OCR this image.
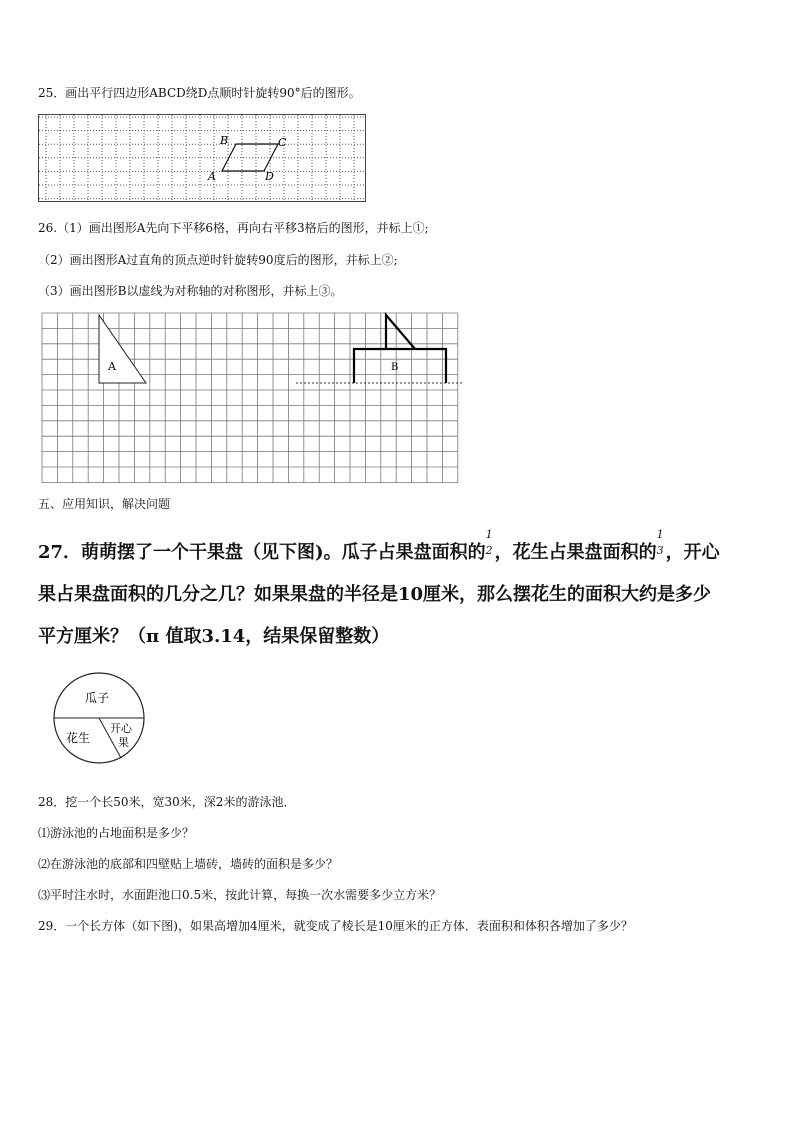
25．画出平行四边形ABCD绕D点顺时针旋转90°后的图形。
B	C
A	D
26.（1）画出图形A先向下平移6格，再向右平移3格后的图形，并标上①;
（2）画出图形A过直角的顶点逆时针旋转90度后的图形，并标上②;
（3）画出图形B以虚线为对称轴的对称图形，并标上③。
A	B
五、应用知识，解决问题
27．萌萌摆了一个干果盘（见下图)。瓜子占果盘面积的
1
2 ，花生占果盘面积的
1
3 ，开心
果占果盘面积的几分之几？如果果盘的半径是10厘米，那么摆花生的面积大约是多少
平方厘米？（π 值取3.14，结果保留整数）
瓜子
花生
开心
果
28．挖一个长50米，宽30米，深2米的游泳池．
⑴游泳池的占地面积是多少？
⑵在游泳池的底部和四壁贴上墙砖，墙砖的面积是多少？
⑶平时注水时，水面距池口0.5米，按此计算，每换一次水需要多少立方米？
29．一个长方体（如下图)，如果高增加4厘米，就变成了棱长是10厘米的正方体．表面积和体积各增加了多少？
